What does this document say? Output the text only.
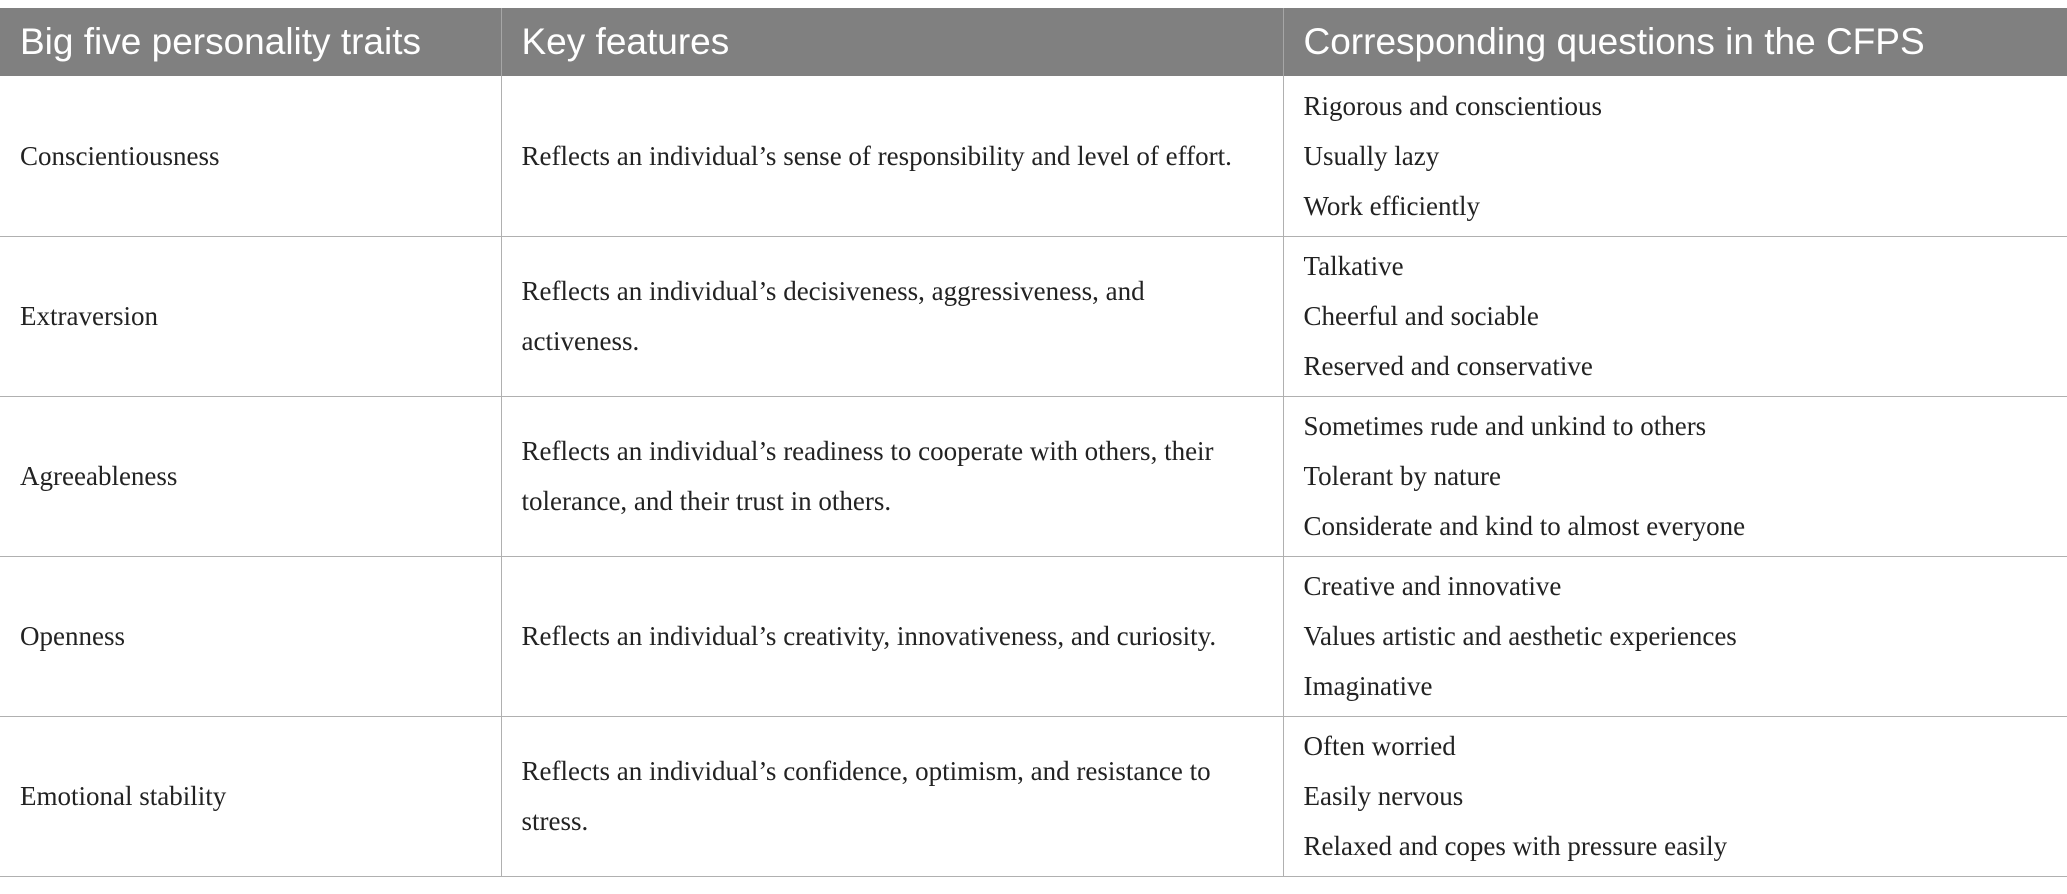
Big five personality traits	Key features	Corresponding questions in the CFPS
Conscientiousness	Reflects an individual’s sense of responsibility and level of effort.	Rigorous and conscientious
Usually lazy
Work efficiently

Extraversion	Reflects an individual’s decisiveness, aggressiveness, and activeness.	Talkative
Cheerful and sociable
Reserved and conservative

Agreeableness	Reflects an individual’s readiness to cooperate with others, their tolerance, and their trust in others.	Sometimes rude and unkind to others
Tolerant by nature
Considerate and kind to almost everyone

Openness	Reflects an individual’s creativity, innovativeness, and curiosity.	Creative and innovative
Values artistic and aesthetic experiences
Imaginative

Emotional stability	Reflects an individual’s confidence, optimism, and resistance to stress.	Often worried
Easily nervous
Relaxed and copes with pressure easily
